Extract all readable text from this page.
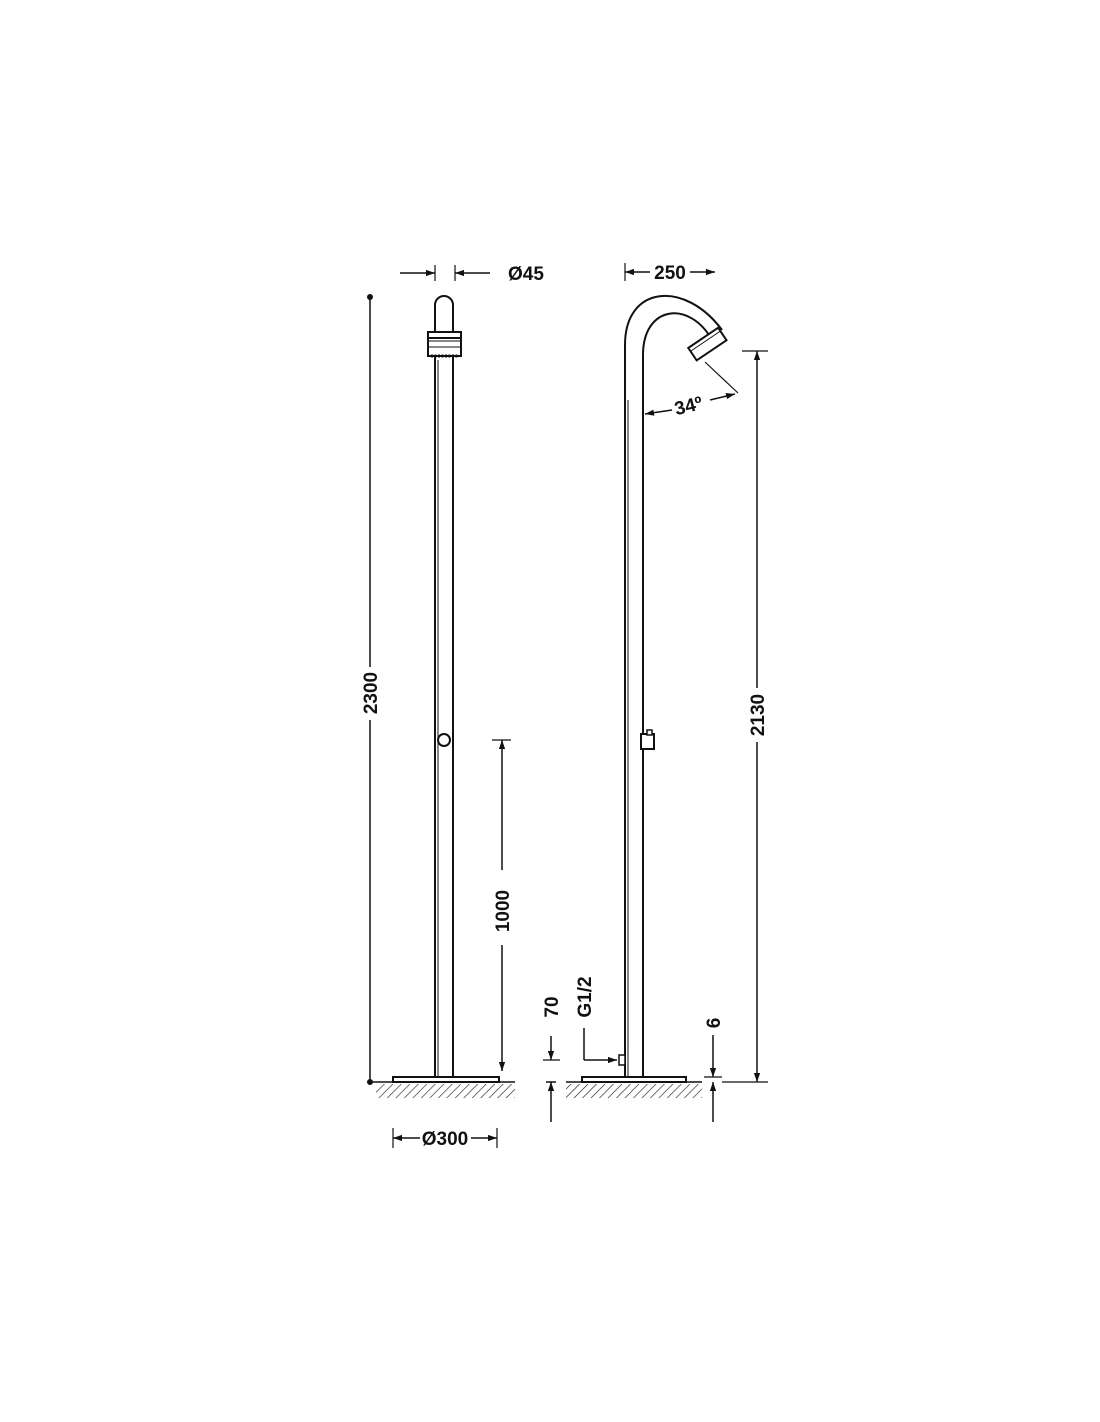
Ø45
2300
1000
Ø300
250
34º
2130
6
70 G1/2
